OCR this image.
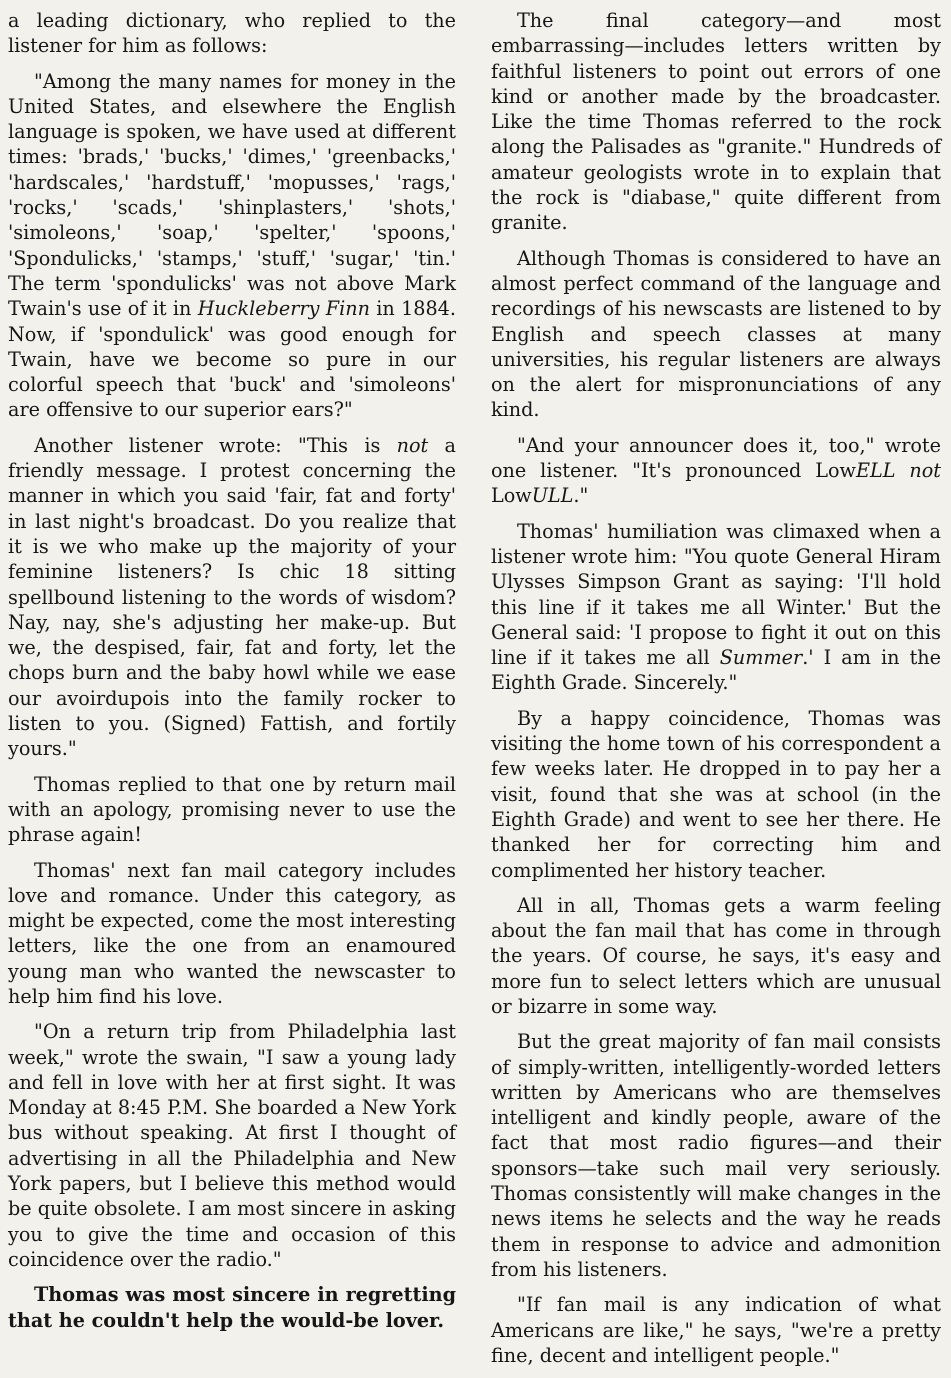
a leading dictionary, who replied to the listener for him as follows:

"Among the many names for money in the United States, and elsewhere the English language is spoken, we have used at different times: 'brads,' 'bucks,' 'dimes,' 'greenbacks,' 'hardscales,' 'hardstuff,' 'mopusses,' 'rags,' 'rocks,' 'scads,' 'shinplasters,' 'shots,' 'simoleons,' 'soap,' 'spelter,' 'spoons,' 'Spondulicks,' 'stamps,' 'stuff,' 'sugar,' 'tin.' The term 'spondulicks' was not above Mark Twain's use of it in Huckleberry Finn in 1884. Now, if 'spondulick' was good enough for Twain, have we become so pure in our colorful speech that 'buck' and 'simoleons' are offensive to our superior ears?"

Another listener wrote: "This is not a friendly message. I protest concerning the manner in which you said 'fair, fat and forty' in last night's broadcast. Do you realize that it is we who make up the majority of your feminine listeners? Is chic 18 sitting spellbound listening to the words of wisdom? Nay, nay, she's adjusting her make-up. But we, the despised, fair, fat and forty, let the chops burn and the baby howl while we ease our avoirdupois into the family rocker to listen to you. (Signed) Fattish, and fortily yours."

Thomas replied to that one by return mail with an apology, promising never to use the phrase again!

Thomas' next fan mail category includes love and romance. Under this category, as might be expected, come the most interesting letters, like the one from an enamoured young man who wanted the newscaster to help him find his love.

"On a return trip from Philadelphia last week," wrote the swain, "I saw a young lady and fell in love with her at first sight. It was Monday at 8:45 P.M. She boarded a New York bus without speaking. At first I thought of advertising in all the Philadelphia and New York papers, but I believe this method would be quite obsolete. I am most sincere in asking you to give the time and occasion of this coincidence over the radio."

Thomas was most sincere in regretting that he couldn't help the would-be lover.

The final category—and most embarrassing—includes letters written by faithful listeners to point out errors of one kind or another made by the broadcaster. Like the time Thomas referred to the rock along the Palisades as "granite." Hundreds of amateur geologists wrote in to explain that the rock is "diabase," quite different from granite.

Although Thomas is considered to have an almost perfect command of the language and recordings of his newscasts are listened to by English and speech classes at many universities, his regular listeners are always on the alert for mispronunciations of any kind.

"And your announcer does it, too," wrote one listener. "It's pronounced LowELL not LowULL."

Thomas' humiliation was climaxed when a listener wrote him: "You quote General Hiram Ulysses Simpson Grant as saying: 'I'll hold this line if it takes me all Winter.' But the General said: 'I propose to fight it out on this line if it takes me all Summer.' I am in the Eighth Grade. Sincerely."

By a happy coincidence, Thomas was visiting the home town of his correspondent a few weeks later. He dropped in to pay her a visit, found that she was at school (in the Eighth Grade) and went to see her there. He thanked her for correcting him and complimented her history teacher.

All in all, Thomas gets a warm feeling about the fan mail that has come in through the years. Of course, he says, it's easy and more fun to select letters which are unusual or bizarre in some way.

But the great majority of fan mail consists of simply-written, intelligently-worded letters written by Americans who are themselves intelligent and kindly people, aware of the fact that most radio figures—and their sponsors—take such mail very seriously. Thomas consistently will make changes in the news items he selects and the way he reads them in response to advice and admonition from his listeners.

"If fan mail is any indication of what Americans are like," he says, "we're a pretty fine, decent and intelligent people."
